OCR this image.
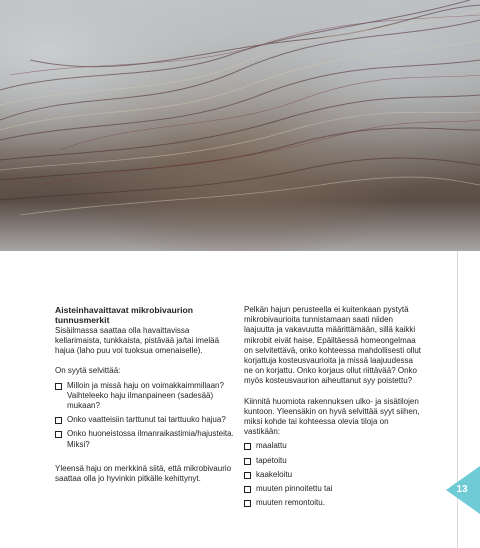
Aisteinhavaittavat mikrobivaurion tunnusmerkit

Sisäilmassa saattaa olla havaittavissa kellarimaista, tunkkaista, pistävää ja/tai imelää hajua (laho puu voi tuoksua omenaiselle).

On syytä selvittää:

Milloin ja missä haju on voimakkaimmillaan? Vaihteleeko haju ilmanpaineen (sadesää) mukaan?
Onko vaatteisiin tarttunut tai tarttuuko hajua?
Onko huoneistossa ilmanraikastimia/hajusteita. Miksi?

Yleensä haju on merkkinä siitä, että mikrobivaurio saattaa olla jo hyvinkin pitkälle kehittynyt.

Pelkän hajun perusteella ei kuitenkaan pystytä mikrobivaurioita tunnistamaan saati niiden laajuutta ja vakavuutta määrittämään, sillä kaikki mikrobit eivät haise. Epäiltäessä homeongelmaa on selvitettävä, onko kohteessa mahdollisesti ollut korjattuja kosteusvaurioita ja missä laajuudessa ne on korjattu. Onko korjaus ollut riittävää? Onko myös kosteusvaurion aiheuttanut syy poistettu?

Kiinnitä huomiota rakennuksen ulko- ja sisätilojen kuntoon. Yleensäkin on hyvä selvittää syyt siihen, miksi kohde tai kohteessa olevia tiloja on vastikään:

maalattu
tapetoitu
kaakeloitu
muuten pinnoitettu tai
muuten remontoitu.
13
